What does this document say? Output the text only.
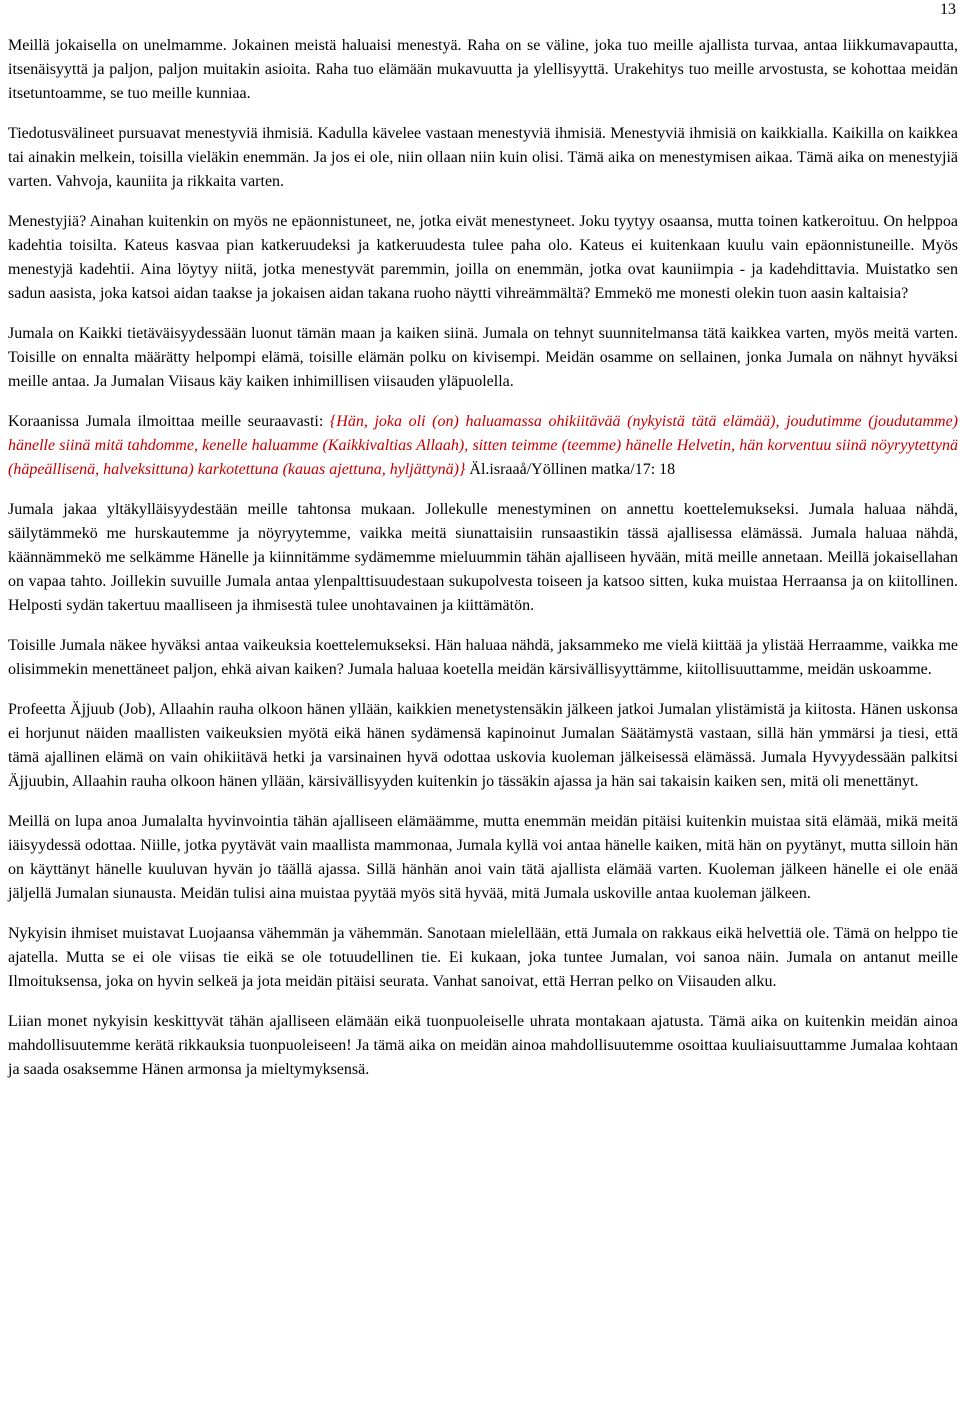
13

Meillä jokaisella on unelmamme. Jokainen meistä haluaisi menestyä. Raha on se väline, joka tuo meille ajallista turvaa, antaa liikkumavapautta, itsenäisyyttä ja paljon, paljon muitakin asioita. Raha tuo elämään mukavuutta ja ylellisyyttä. Urakehitys tuo meille arvostusta, se kohottaa meidän itsetuntoamme, se tuo meille kunniaa.

Tiedotusvälineet pursuavat menestyviä ihmisiä. Kadulla kävelee vastaan menestyviä ihmisiä. Menestyviä ihmisiä on kaikkialla. Kaikilla on kaikkea tai ainakin melkein, toisilla vieläkin enemmän. Ja jos ei ole, niin ollaan niin kuin olisi. Tämä aika on menestymisen aikaa. Tämä aika on menestyjiä varten. Vahvoja, kauniita ja rikkaita varten.

Menestyjiä? Ainahan kuitenkin on myös ne epäonnistuneet, ne, jotka eivät menestyneet. Joku tyytyy osaansa, mutta toinen katkeroituu. On helppoa kadehtia toisilta. Kateus kasvaa pian katkeruudeksi ja katkeruudesta tulee paha olo. Kateus ei kuitenkaan kuulu vain epäonnistuneille. Myös menestyjä kadehtii. Aina löytyy niitä, jotka menestyvät paremmin, joilla on enemmän, jotka ovat kauniimpia - ja kadehdittavia. Muistatko sen sadun aasista, joka katsoi aidan taakse ja jokaisen aidan takana ruoho näytti vihreämmältä? Emmekö me monesti olekin tuon aasin kaltaisia?

Jumala on Kaikki tietäväisyydessään luonut tämän maan ja kaiken siinä. Jumala on tehnyt suunnitelmansa tätä kaikkea varten, myös meitä varten. Toisille on ennalta määrätty helpompi elämä, toisille elämän polku on kivisempi. Meidän osamme on sellainen, jonka Jumala on nähnyt hyväksi meille antaa. Ja Jumalan Viisaus käy kaiken inhimillisen viisauden yläpuolella.

Koraanissa Jumala ilmoittaa meille seuraavasti: {Hän, joka oli (on) haluamassa ohikiitävää (nykyistä tätä elämää), joudutimme (joudutamme) hänelle siinä mitä tahdomme, kenelle haluamme (Kaikkivaltias Allaah), sitten teimme (teemme) hänelle Helvetin, hän korventuu siinä nöyryytettynä (häpeällisenä, halveksittuna) karkotettuna (kauas ajettuna, hyljättynä)} Äl.israaå/Yöllinen matka/17: 18

Jumala jakaa yltäkylläisyydestään meille tahtonsa mukaan. Jollekulle menestyminen on annettu koettelemukseksi. Jumala haluaa nähdä, säilytämmekö me hurskautemme ja nöyryytemme, vaikka meitä siunattaisiin runsaastikin tässä ajallisessa elämässä. Jumala haluaa nähdä, käännämmekö me selkämme Hänelle ja kiinnitämme sydämemme mieluummin tähän ajalliseen hyvään, mitä meille annetaan. Meillä jokaisellahan on vapaa tahto. Joillekin suvuille Jumala antaa ylenpalttisuudestaan sukupolvesta toiseen ja katsoo sitten, kuka muistaa Herraansa ja on kiitollinen. Helposti sydän takertuu maalliseen ja ihmisestä tulee unohtavainen ja kiittämätön.

Toisille Jumala näkee hyväksi antaa vaikeuksia koettelemukseksi. Hän haluaa nähdä, jaksammeko me vielä kiittää ja ylistää Herraamme, vaikka me olisimmekin menettäneet paljon, ehkä aivan kaiken? Jumala haluaa koetella meidän kärsivällisyyttämme, kiitollisuuttamme, meidän uskoamme.

Profeetta Äjjuub (Job), Allaahin rauha olkoon hänen yllään, kaikkien menetystensäkin jälkeen jatkoi Jumalan ylistämistä ja kiitosta. Hänen uskonsa ei horjunut näiden maallisten vaikeuksien myötä eikä hänen sydämensä kapinoinut Jumalan Säätämystä vastaan, sillä hän ymmärsi ja tiesi, että tämä ajallinen elämä on vain ohikiitävä hetki ja varsinainen hyvä odottaa uskovia kuoleman jälkeisessä elämässä. Jumala Hyvyydessään palkitsi Äjjuubin, Allaahin rauha olkoon hänen yllään, kärsivällisyyden kuitenkin jo tässäkin ajassa ja hän sai takaisin kaiken sen, mitä oli menettänyt.

Meillä on lupa anoa Jumalalta hyvinvointia tähän ajalliseen elämäämme, mutta enemmän meidän pitäisi kuitenkin muistaa sitä elämää, mikä meitä iäisyydessä odottaa. Niille, jotka pyytävät vain maallista mammonaa, Jumala kyllä voi antaa hänelle kaiken, mitä hän on pyytänyt, mutta silloin hän on käyttänyt hänelle kuuluvan hyvän jo täällä ajassa. Sillä hänhän anoi vain tätä ajallista elämää varten. Kuoleman jälkeen hänelle ei ole enää jäljellä Jumalan siunausta. Meidän tulisi aina muistaa pyytää myös sitä hyvää, mitä Jumala uskoville antaa kuoleman jälkeen.

Nykyisin ihmiset muistavat Luojaansa vähemmän ja vähemmän. Sanotaan mielellään, että Jumala on rakkaus eikä helvettiä ole. Tämä on helppo tie ajatella. Mutta se ei ole viisas tie eikä se ole totuudellinen tie. Ei kukaan, joka tuntee Jumalan, voi sanoa näin. Jumala on antanut meille Ilmoituksensa, joka on hyvin selkeä ja jota meidän pitäisi seurata. Vanhat sanoivat, että Herran pelko on Viisauden alku.

Liian monet nykyisin keskittyvät tähän ajalliseen elämään eikä tuonpuoleiselle uhrata montakaan ajatusta. Tämä aika on kuitenkin meidän ainoa mahdollisuutemme kerätä rikkauksia tuonpuoleiseen! Ja tämä aika on meidän ainoa mahdollisuutemme osoittaa kuuliaisuuttamme Jumalaa kohtaan ja saada osaksemme Hänen armonsa ja mieltymyksensä.
